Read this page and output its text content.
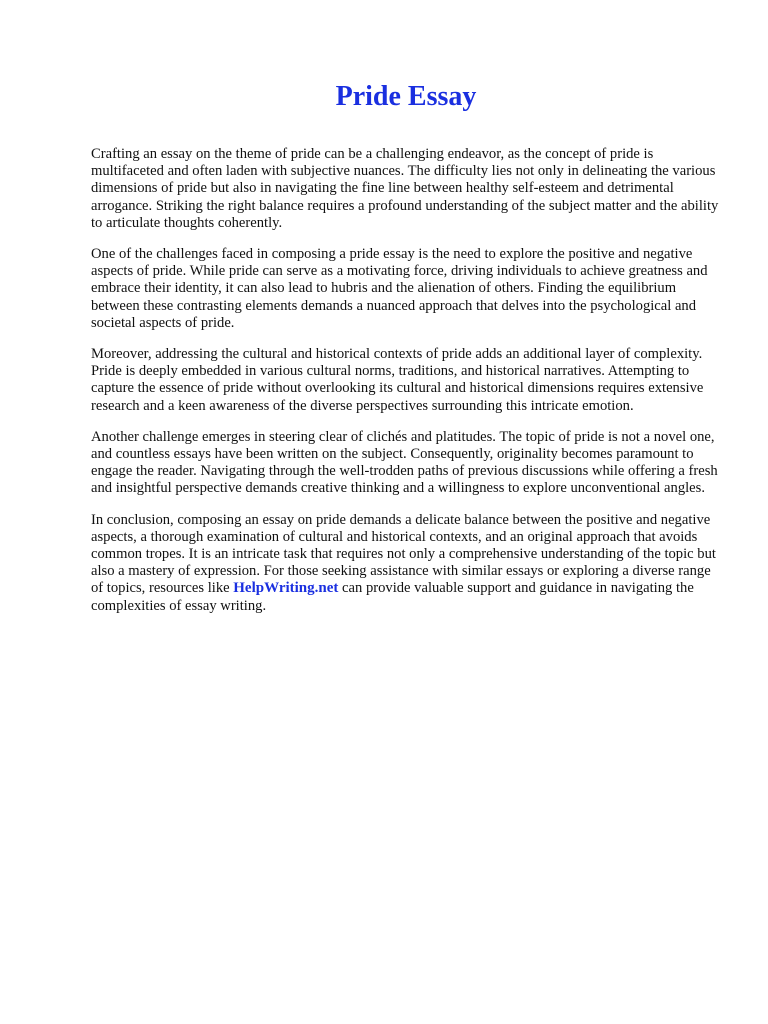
Pride Essay

Crafting an essay on the theme of pride can be a challenging endeavor, as the concept of pride is multifaceted and often laden with subjective nuances. The difficulty lies not only in delineating the various dimensions of pride but also in navigating the fine line between healthy self-esteem and detrimental arrogance. Striking the right balance requires a profound understanding of the subject matter and the ability to articulate thoughts coherently.

One of the challenges faced in composing a pride essay is the need to explore the positive and negative aspects of pride. While pride can serve as a motivating force, driving individuals to achieve greatness and embrace their identity, it can also lead to hubris and the alienation of others. Finding the equilibrium between these contrasting elements demands a nuanced approach that delves into the psychological and societal aspects of pride.

Moreover, addressing the cultural and historical contexts of pride adds an additional layer of complexity. Pride is deeply embedded in various cultural norms, traditions, and historical narratives. Attempting to capture the essence of pride without overlooking its cultural and historical dimensions requires extensive research and a keen awareness of the diverse perspectives surrounding this intricate emotion.

Another challenge emerges in steering clear of clichés and platitudes. The topic of pride is not a novel one, and countless essays have been written on the subject. Consequently, originality becomes paramount to engage the reader. Navigating through the well-trodden paths of previous discussions while offering a fresh and insightful perspective demands creative thinking and a willingness to explore unconventional angles.

In conclusion, composing an essay on pride demands a delicate balance between the positive and negative aspects, a thorough examination of cultural and historical contexts, and an original approach that avoids common tropes. It is an intricate task that requires not only a comprehensive understanding of the topic but also a mastery of expression. For those seeking assistance with similar essays or exploring a diverse range of topics, resources like HelpWriting.net can provide valuable support and guidance in navigating the complexities of essay writing.
